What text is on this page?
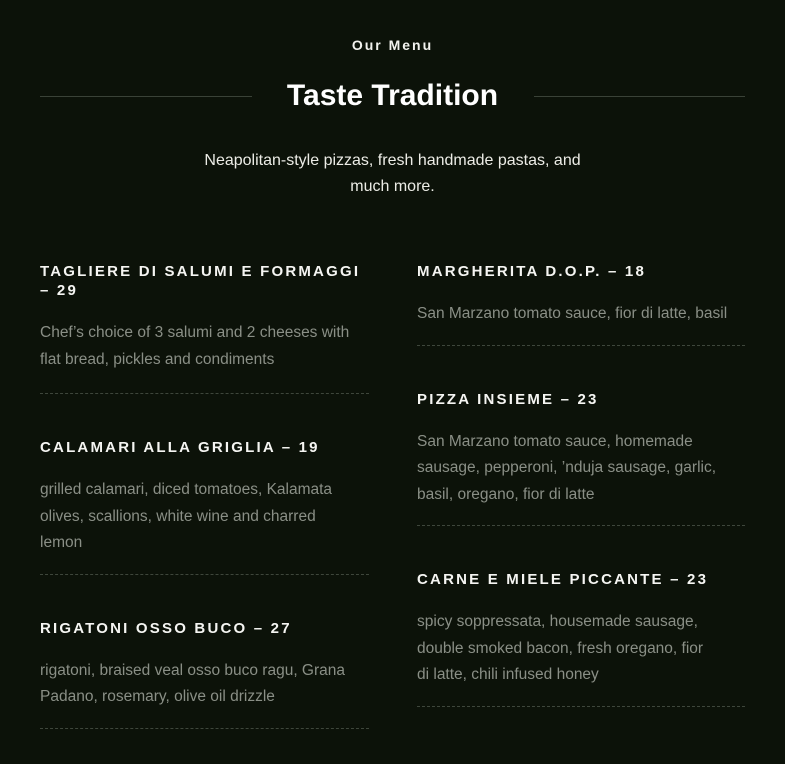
Our Menu
Taste Tradition
Neapolitan-style pizzas, fresh handmade pastas, and much more.
TAGLIERE DI SALUMI E FORMAGGI – 29

Chef’s choice of 3 salumi and 2 cheeses with flat bread, pickles and condiments

CALAMARI ALLA GRIGLIA – 19

grilled calamari, diced tomatoes, Kalamata olives, scallions, white wine and charred lemon

RIGATONI OSSO BUCO – 27

rigatoni, braised veal osso buco ragu, Grana Padano, rosemary, olive oil drizzle

MARGHERITA D.O.P. – 18

San Marzano tomato sauce, fior di latte, basil

PIZZA INSIEME – 23

San Marzano tomato sauce, homemade sausage, pepperoni, ’nduja sausage, garlic, basil, oregano, fior di latte

CARNE E MIELE PICCANTE – 23

spicy soppressata, housemade sausage, double smoked bacon, fresh oregano, fior di latte, chili infused honey
